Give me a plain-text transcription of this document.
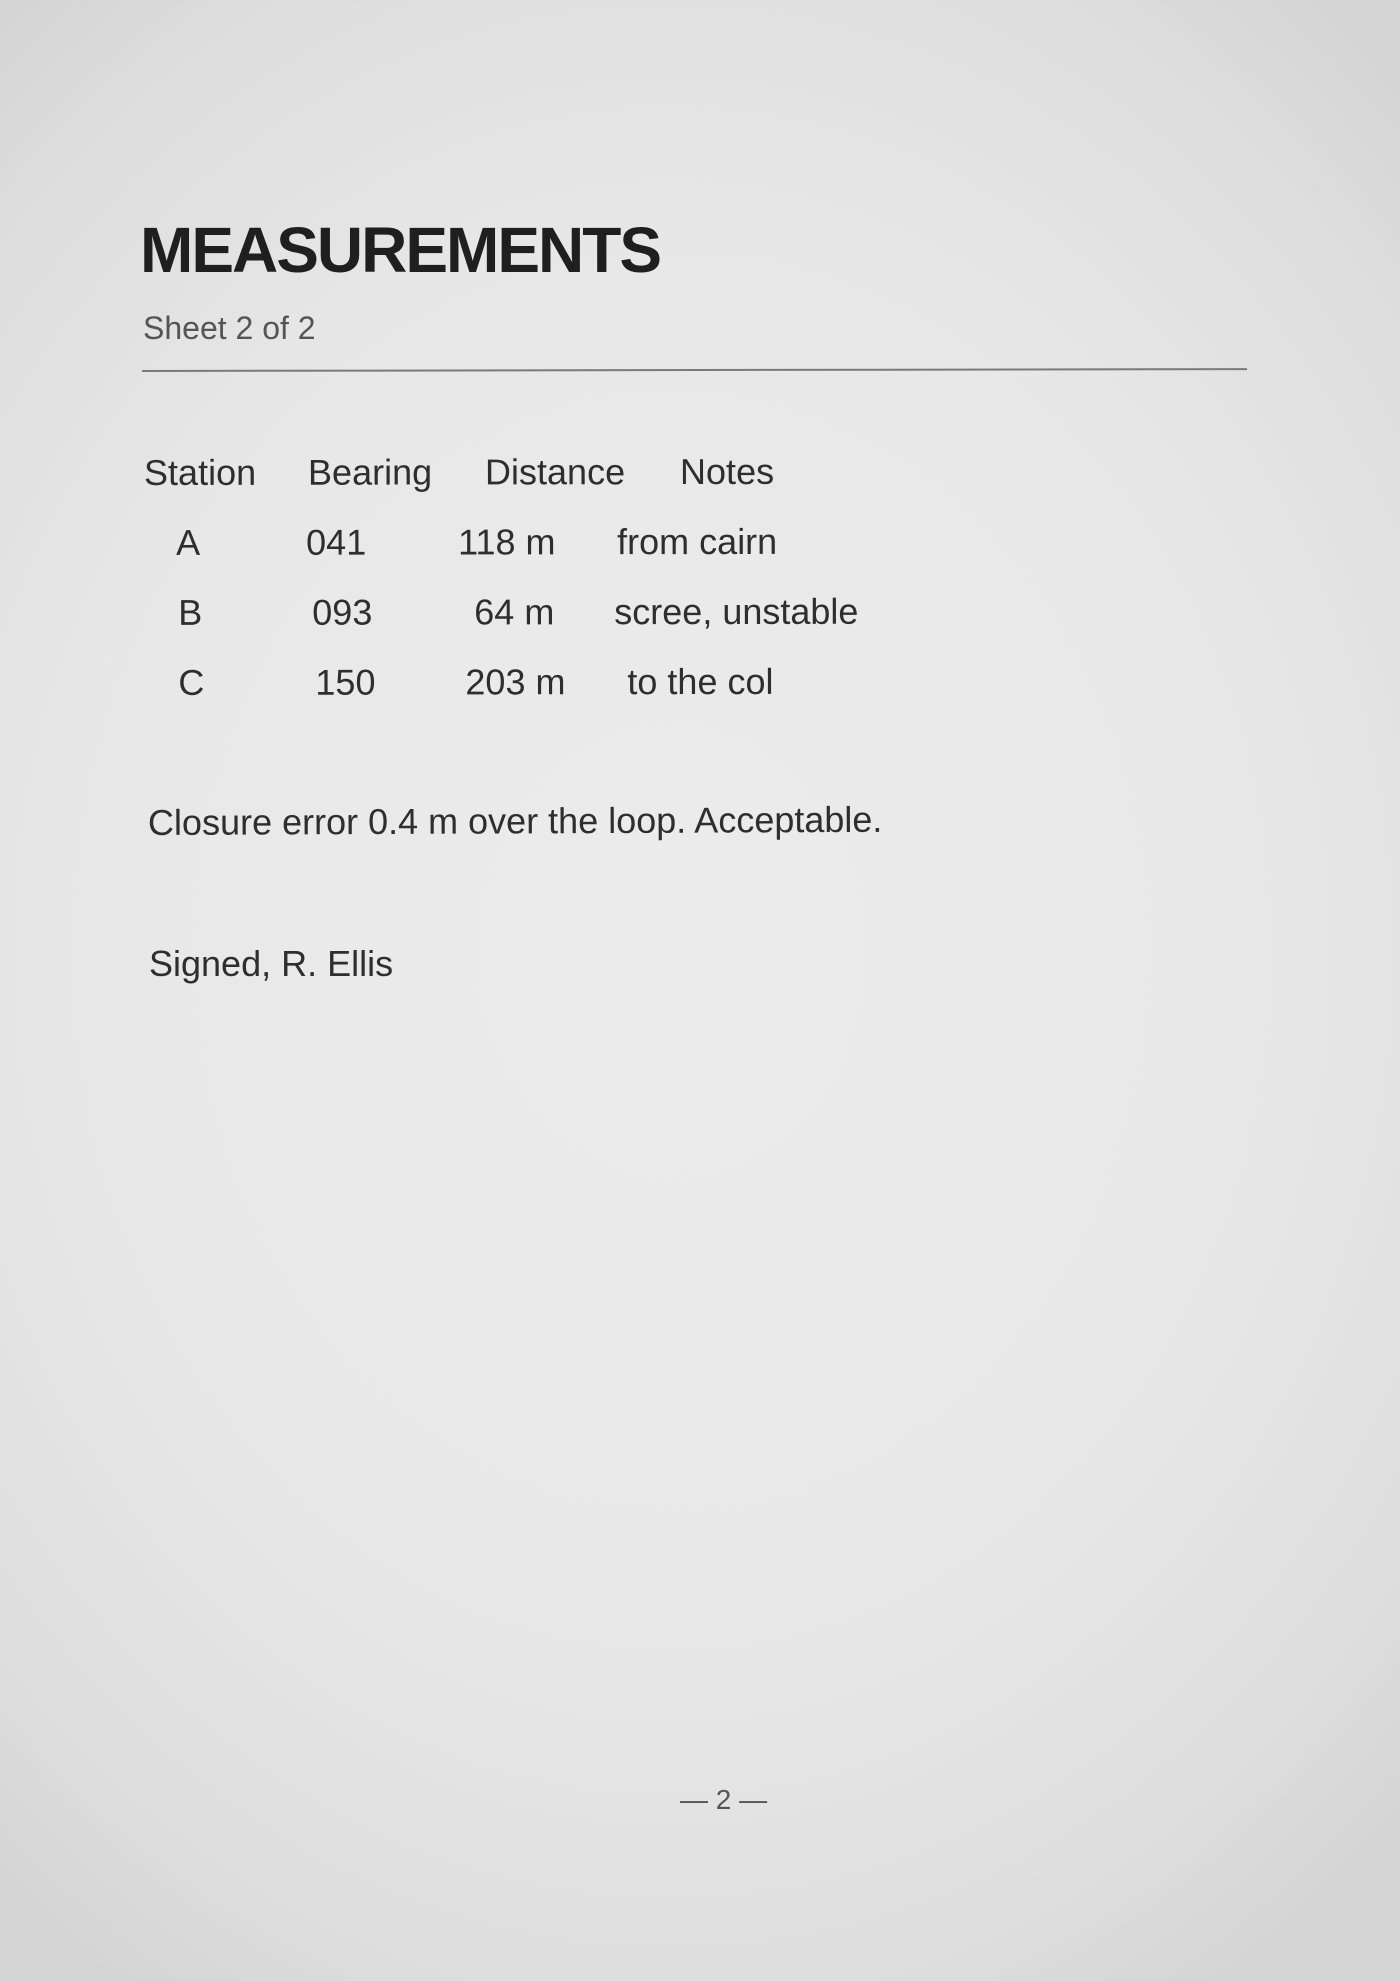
MEASUREMENTS
Sheet 2 of 2
Station Bearing Distance Notes
A	041	118 m from cairn
B	093	64 m scree, unstable
C	150 203 m to the col
Closure error 0.4 m over the loop. Acceptable.
Signed, R. Ellis
— 2 —
